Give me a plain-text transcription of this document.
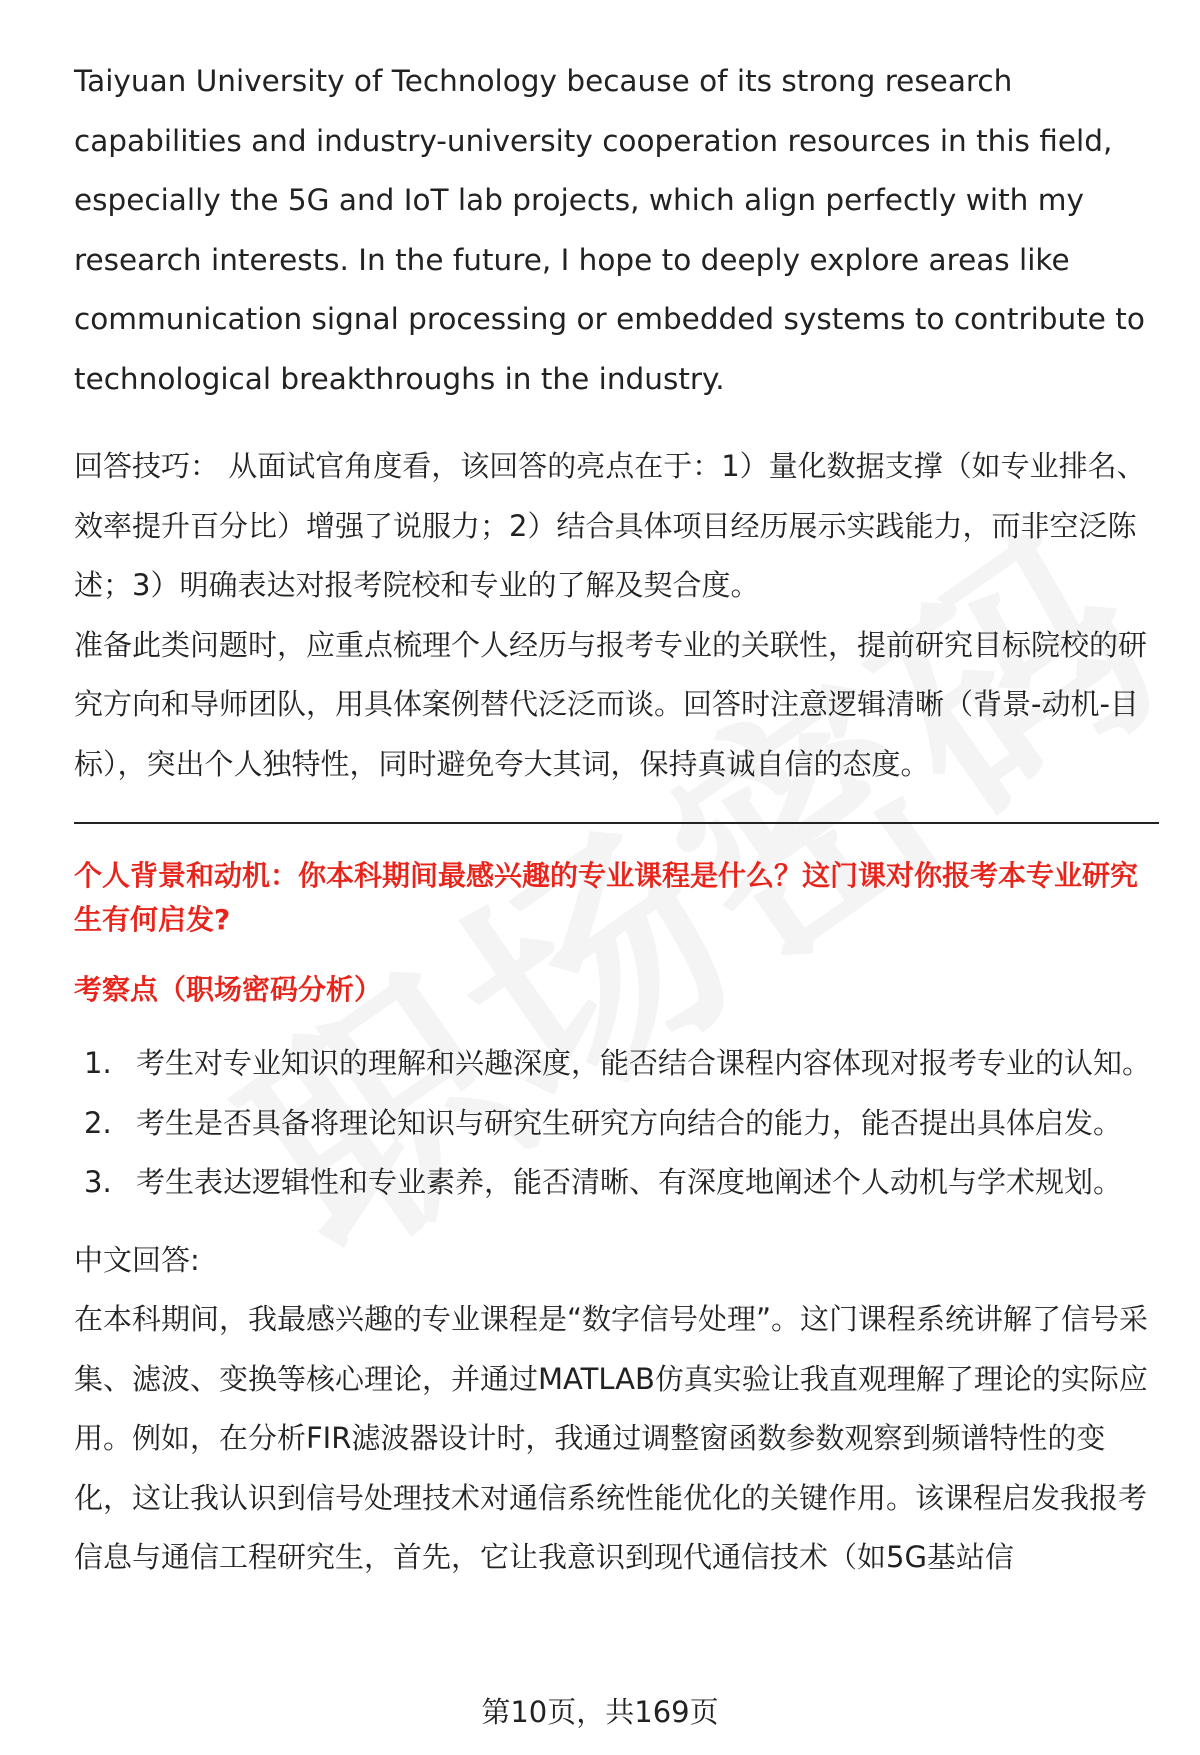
Taiyuan University of Technology because of its strong research capabilities and industry-university cooperation resources in this field, especially the 5G and IoT lab projects, which align perfectly with my research interests. In the future, I hope to deeply explore areas like communication signal processing or embedded systems to contribute to technological breakthroughs in the industry.

回答技巧： 从面试官角度看，该回答的亮点在于：1）量化数据支撑（如专业排名、效率提升百分比）增强了说服力；2）结合具体项目经历展示实践能力，而非空泛陈述；3）明确表达对报考院校和专业的了解及契合度。

准备此类问题时，应重点梳理个人经历与报考专业的关联性，提前研究目标院校的研究方向和导师团队，用具体案例替代泛泛而谈。回答时注意逻辑清晰（背景-动机-目标），突出个人独特性，同时避免夸大其词，保持真诚自信的态度。

个人背景和动机：你本科期间最感兴趣的专业课程是什么？这门课对你报考本专业研究生有何启发?

考察点（职场密码分析）

1. 考生对专业知识的理解和兴趣深度，能否结合课程内容体现对报考专业的认知。
2. 考生是否具备将理论知识与研究生研究方向结合的能力，能否提出具体启发。
3. 考生表达逻辑性和专业素养，能否清晰、有深度地阐述个人动机与学术规划。

中文回答:

在本科期间，我最感兴趣的专业课程是“数字信号处理”。这门课程系统讲解了信号采集、滤波、变换等核心理论，并通过MATLAB仿真实验让我直观理解了理论的实际应用。例如，在分析FIR滤波器设计时，我通过调整窗函数参数观察到频谱特性的变化，这让我认识到信号处理技术对通信系统性能优化的关键作用。该课程启发我报考信息与通信工程研究生，首先，它让我意识到现代通信技术（如5G基站信

第10页，共169页
